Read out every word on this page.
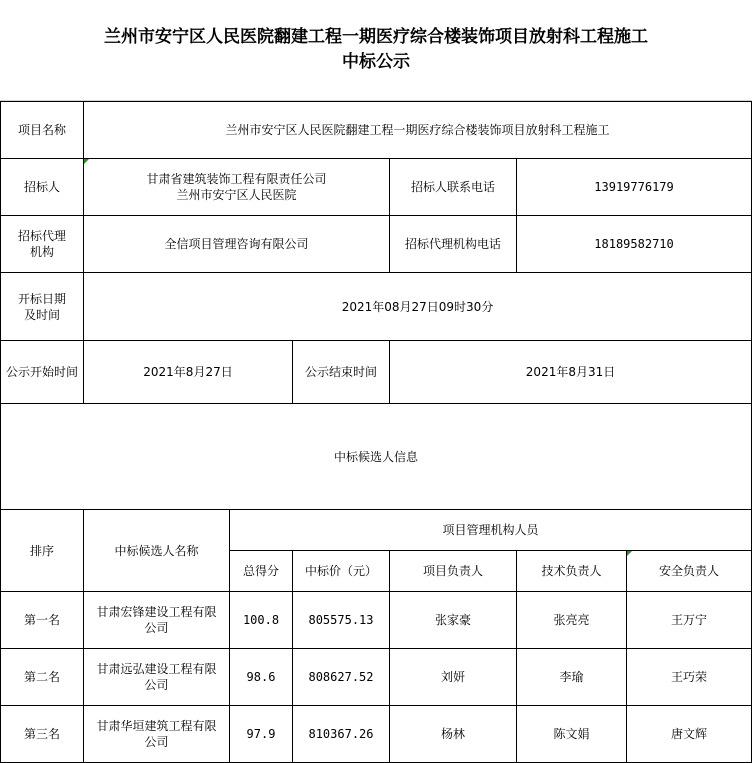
兰州市安宁区人民医院翻建工程一期医疗综合楼装饰项目放射科工程施工
中标公示
项目名称	兰州市安宁区人民医院翻建工程一期医疗综合楼装饰项目放射科工程施工					
招标人	甘肃省建筑装饰工程有限责任公司
兰州市安宁区人民医院			招标人联系电话	13919776179	

招标代理
机构	全信项目管理咨询有限公司			招标代理机构电话	18189582710	

开标日期
及时间	2021年08月27日09时30分					
公示开始时间	2021年8月27日		公示结束时间	2021年8月31日		
中标候选人信息						
排序	中标候选人名称	项目管理机构人员				
		总得分	中标价（元）	项目负责人	技术负责人	安全负责人
第一名	甘肃宏锋建设工程有限
公司	100.8	805575.13	张家豪	张亮亮	王万宁
第二名	甘肃远弘建设工程有限
公司	98.6	808627.52	刘妍	李瑜	王巧荣
第三名	甘肃华垣建筑工程有限
公司	97.9	810367.26	杨林	陈文娟	唐文辉
